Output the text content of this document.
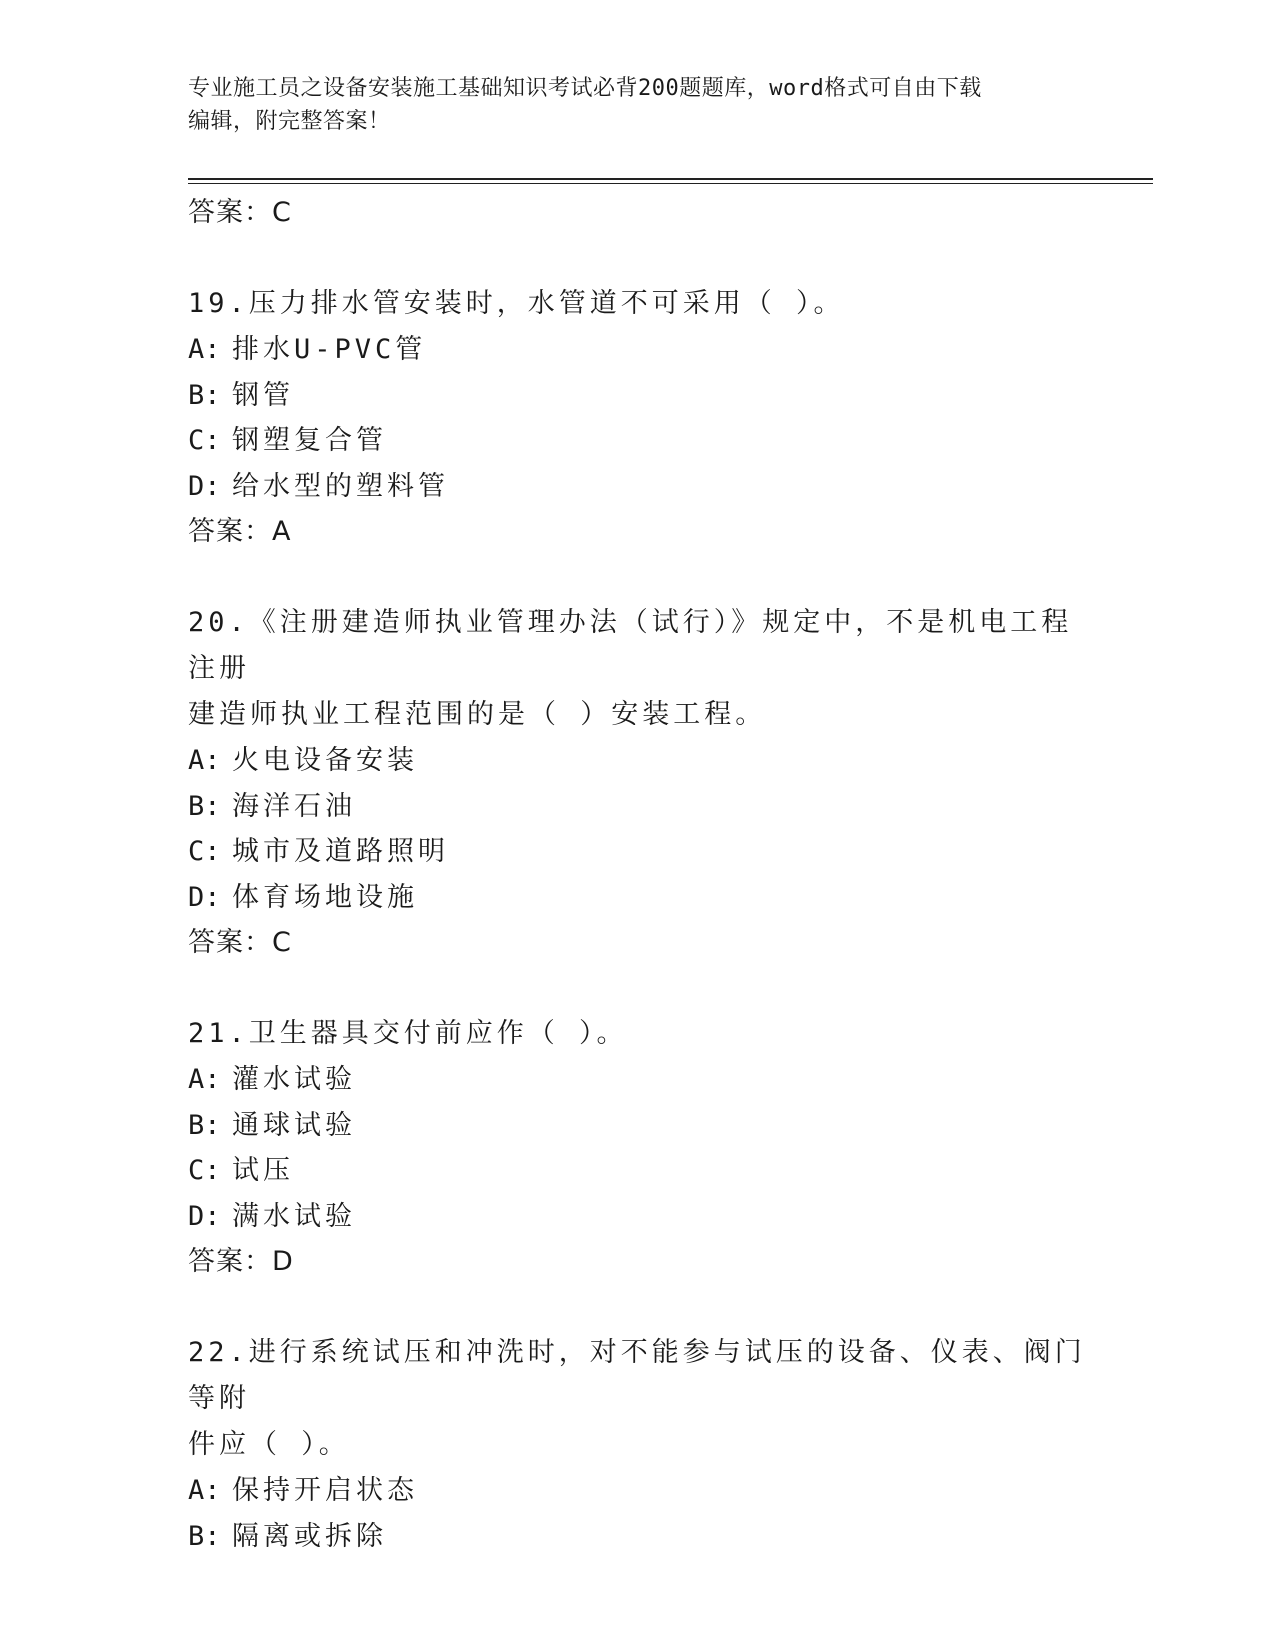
专业施工员之设备安装施工基础知识考试必背200题题库，word格式可自由下载
编辑，附完整答案！
答案：C
19.压力排水管安装时，水管道不可采用（ ）。
A: 排水U-PVC管
B: 钢管
C: 钢塑复合管
D: 给水型的塑料管
答案：A
20.《注册建造师执业管理办法（试行）》规定中，不是机电工程注册
建造师执业工程范围的是（ ）安装工程。
A: 火电设备安装
B: 海洋石油
C: 城市及道路照明
D: 体育场地设施
答案：C
21.卫生器具交付前应作（ ）。
A: 灌水试验
B: 通球试验
C: 试压
D: 满水试验
答案：D
22.进行系统试压和冲洗时，对不能参与试压的设备、仪表、阀门等附
件应（ ）。
A: 保持开启状态
B: 隔离或拆除
